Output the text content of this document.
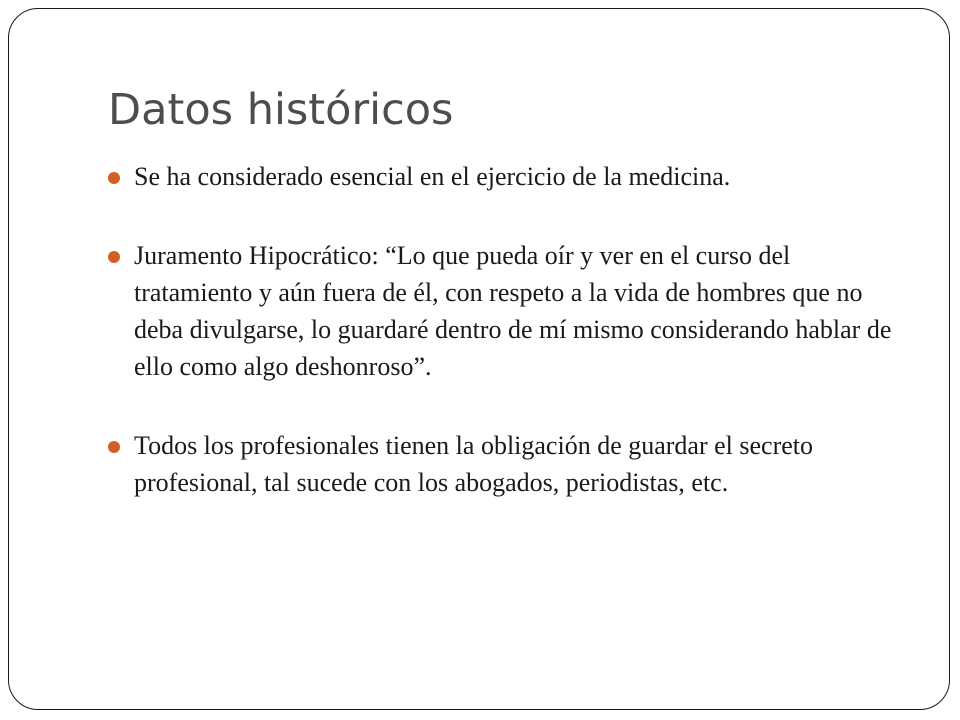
Datos históricos
Se ha considerado esencial en el ejercicio de la medicina.
Juramento Hipocrático: “Lo que pueda oír y ver en el curso del tratamiento y aún fuera de él, con respeto a la vida de hombres que no deba divulgarse, lo guardaré dentro de mí mismo considerando hablar de ello como algo deshonroso”.
Todos los profesionales tienen la obligación de guardar el secreto profesional, tal sucede con los abogados, periodistas, etc.
